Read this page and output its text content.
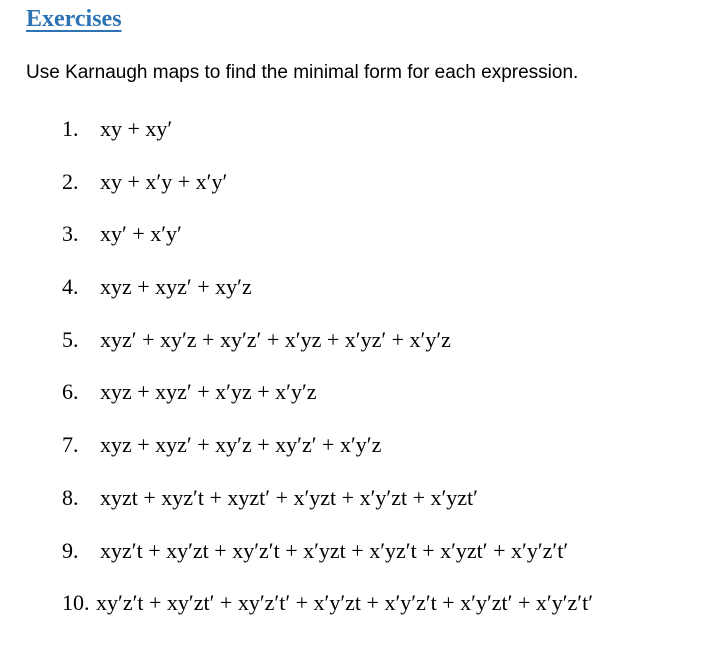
Exercises

Use Karnaugh maps to find the minimal form for each expression.

1. xy + xy′
2. xy + x′y + x′y′
3. xy′ + x′y′
4. xyz + xyz′ + xy′z
5. xyz′ + xy′z + xy′z′ + x′yz + x′yz′ + x′y′z
6. xyz + xyz′ + x′yz + x′y′z
7. xyz + xyz′ + xy′z + xy′z′ + x′y′z
8. xyzt + xyz′t + xyzt′ + x′yzt + x′y′zt + x′yzt′
9. xyz′t + xy′zt + xy′z′t + x′yzt + x′yz′t + x′yzt′ + x′y′z′t′
10. xy′z′t + xy′zt′ + xy′z′t′ + x′y′zt + x′y′z′t + x′y′zt′ + x′y′z′t′
